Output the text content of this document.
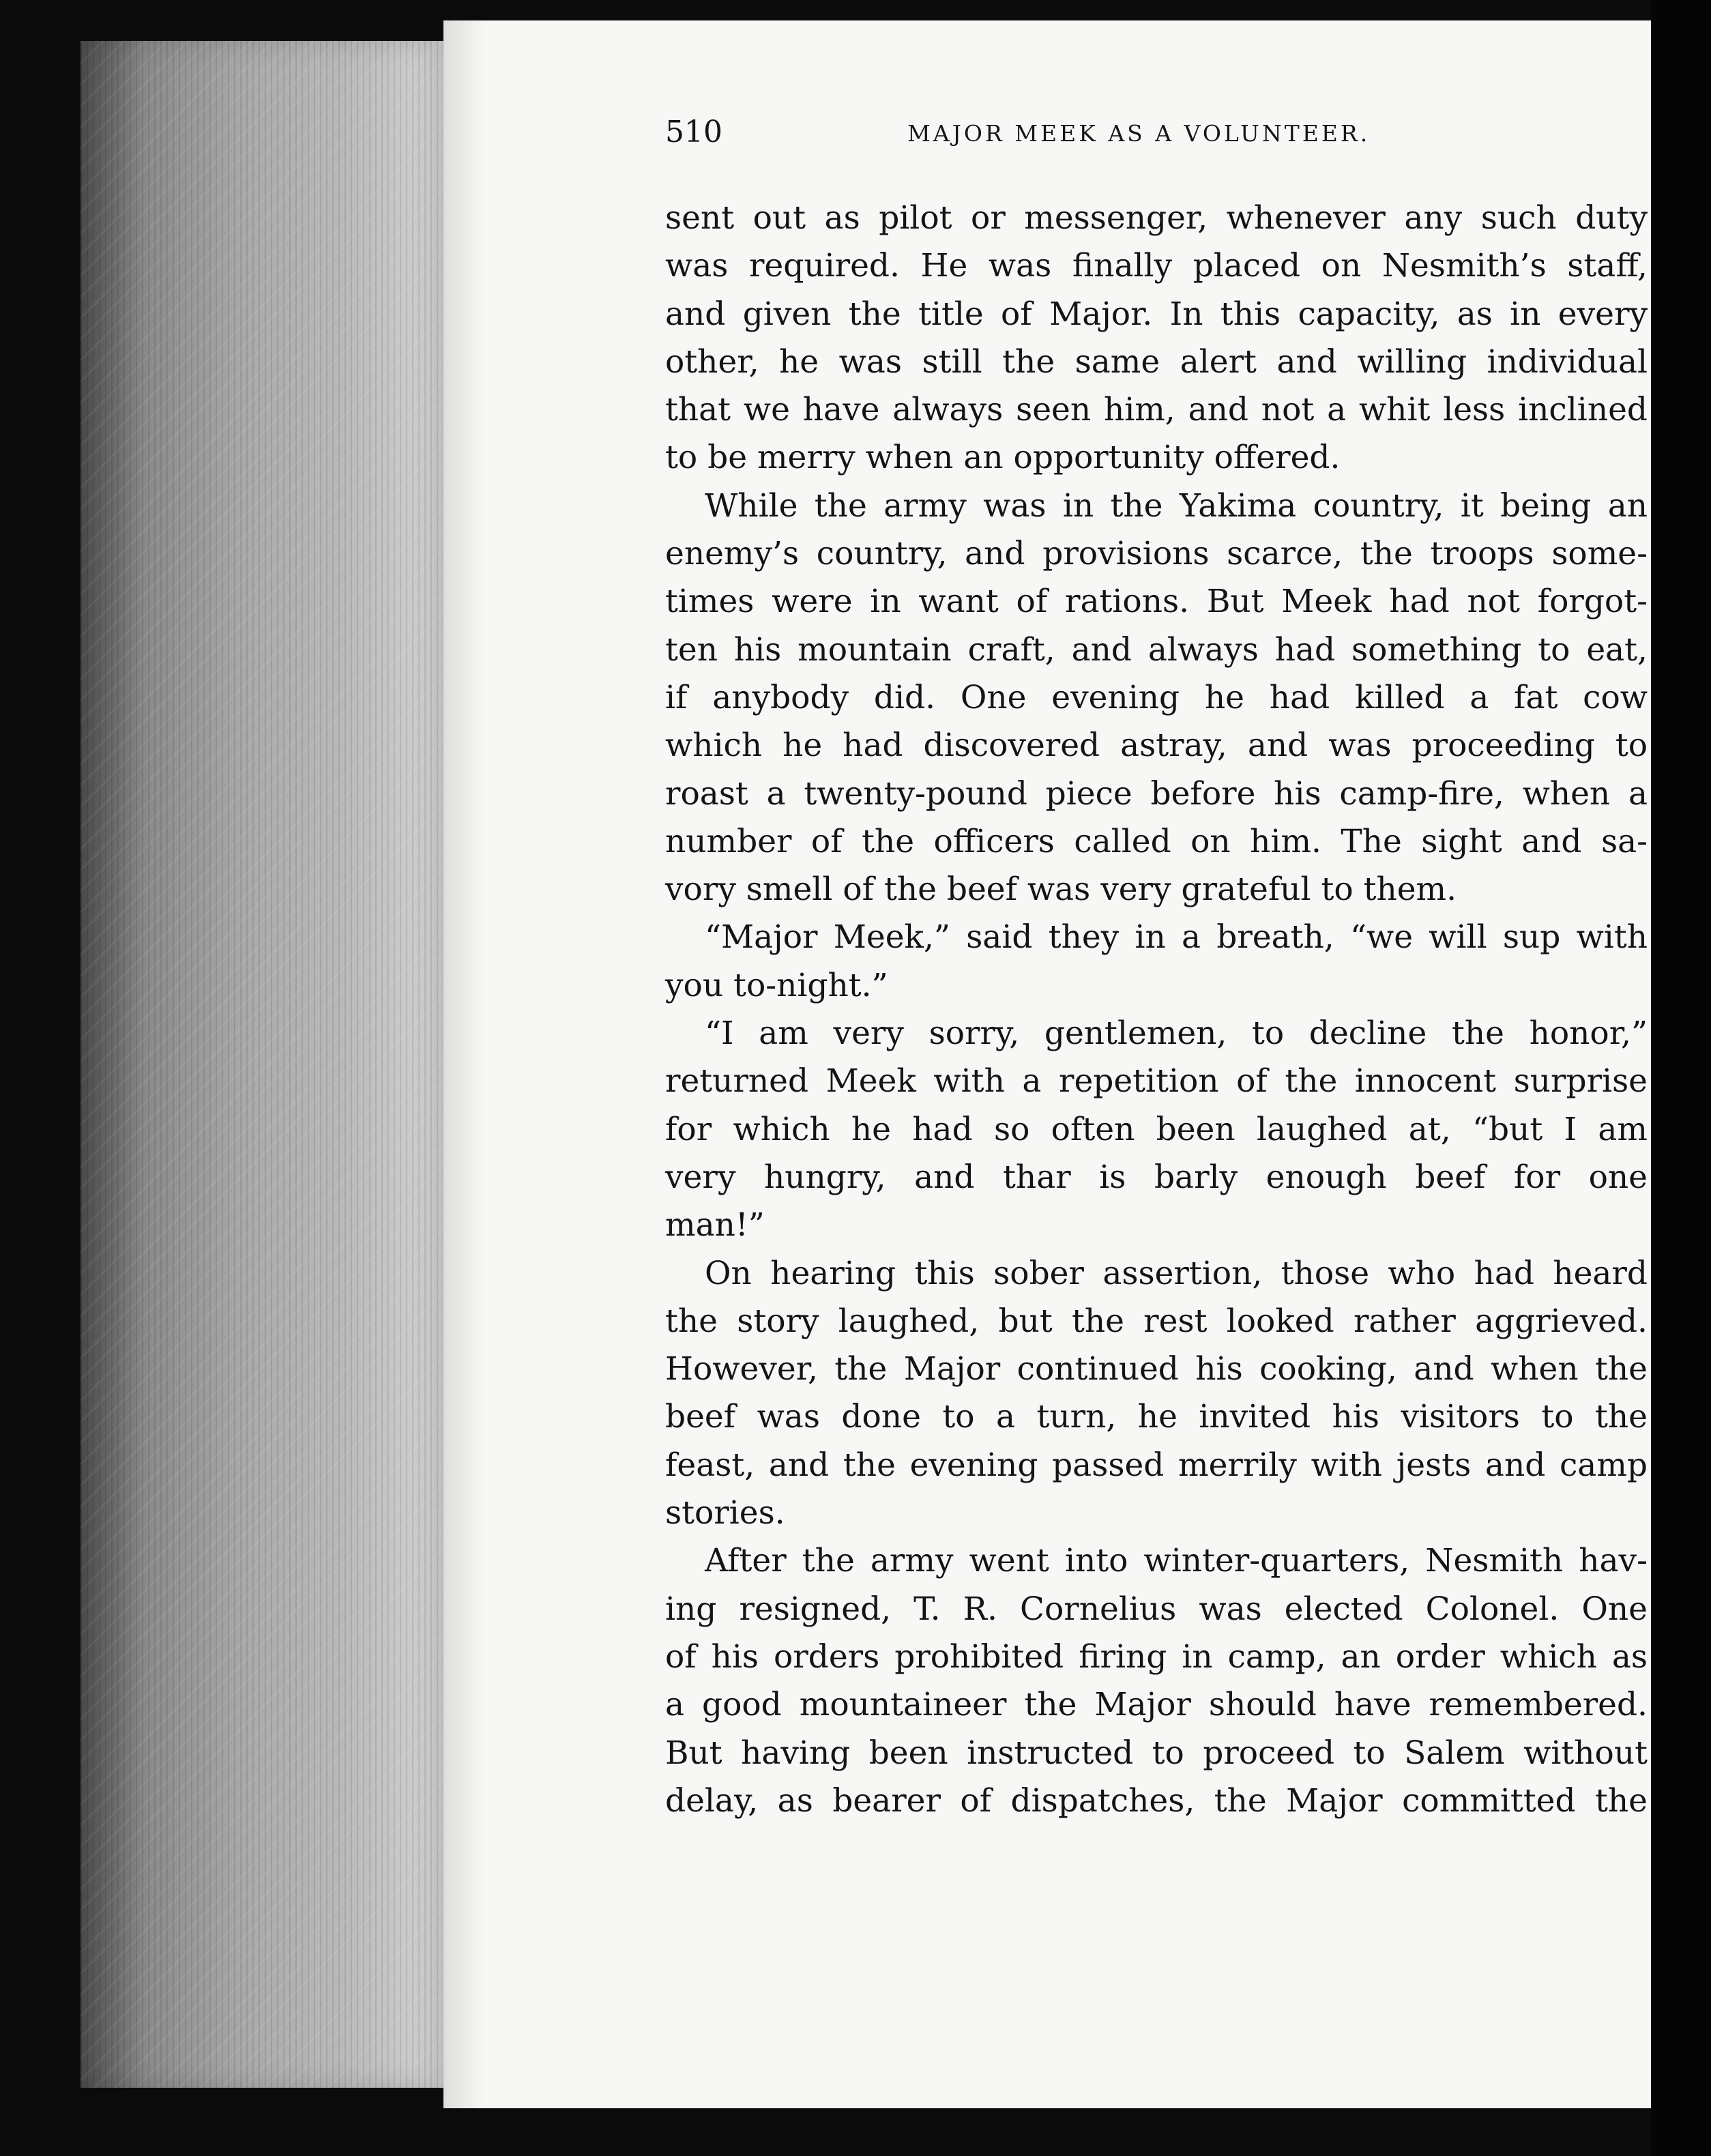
510	MAJOR MEEK AS A VOLUNTEER.
sent out as pilot or messenger, whenever any such duty
was required. He was finally placed on Nesmith’s staff,
and given the title of Major. In this capacity, as in every
other, he was still the same alert and willing individual
that we have always seen him, and not a whit less inclined
to be merry when an opportunity offered.
While the army was in the Yakima country, it being an
enemy’s country, and provisions scarce, the troops some-
times were in want of rations. But Meek had not forgot-
ten his mountain craft, and always had something to eat,
if anybody did. One evening he had killed a fat cow
which he had discovered astray, and was proceeding to
roast a twenty-pound piece before his camp-fire, when a
number of the officers called on him. The sight and sa-
vory smell of the beef was very grateful to them.
“Major Meek,” said they in a breath, “we will sup with
you to-night.”
“I am very sorry, gentlemen, to decline the honor,”
returned Meek with a repetition of the innocent surprise
for which he had so often been laughed at, “but I am
very hungry, and thar is barly enough beef for one
man!”
On hearing this sober assertion, those who had heard
the story laughed, but the rest looked rather aggrieved.
However, the Major continued his cooking, and when the
beef was done to a turn, he invited his visitors to the
feast, and the evening passed merrily with jests and camp
stories.
After the army went into winter-quarters, Nesmith hav-
ing resigned, T. R. Cornelius was elected Colonel. One
of his orders prohibited firing in camp, an order which as
a good mountaineer the Major should have remembered.
But having been instructed to proceed to Salem without
delay, as bearer of dispatches, the Major committed the
